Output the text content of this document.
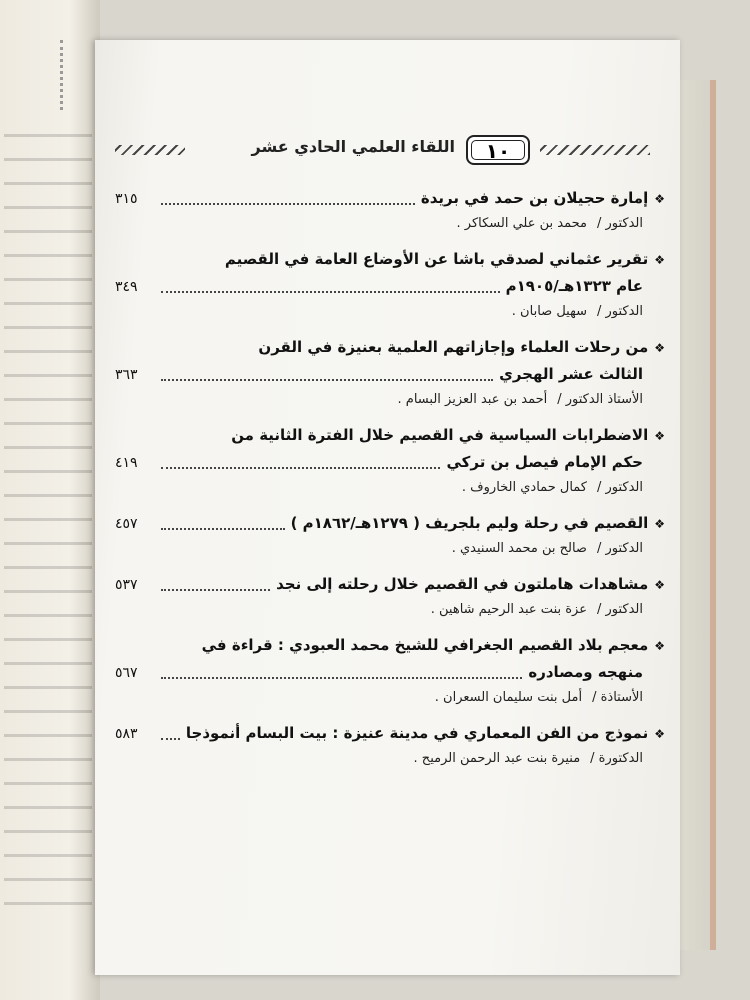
١٠
اللقاء العلمي الحادي عشر
❖
إمارة حجيلان بن حمد في بريدة
٣١٥
الدكتور /محمد بن علي السكاكر .
❖
تقرير عثماني لصدقي باشا عن الأوضاع العامة في القصيم
عام ١٣٢٣هـ/١٩٠٥م
٣٤٩
الدكتور /سهيل صابان .
❖
من رحلات العلماء وإجازاتهم العلمية بعنيزة في القرن
الثالث عشر الهجري
٣٦٣
الأستاذ الدكتور /أحمد بن عبد العزيز البسام .
❖
الاضطرابات السياسية في القصيم خلال الفترة الثانية من
حكم الإمام فيصل بن تركي
٤١٩
الدكتور /كمال حمادي الخاروف .
❖
القصيم في رحلة وليم بلجريف ( ١٢٧٩هـ/١٨٦٢م )
٤٥٧
الدكتور /صالح بن محمد السنيدي .
❖
مشاهدات هاملتون في القصيم خلال رحلته إلى نجد
٥٣٧
الدكتور /عزة بنت عبد الرحيم شاهين .
❖
معجم بلاد القصيم الجغرافي للشيخ محمد العبودي : قراءة في
منهجه ومصادره
٥٦٧
الأستاذة /أمل بنت سليمان السعران .
❖
نموذج من الفن المعماري في مدينة عنيزة : بيت البسام أنموذجا
٥٨٣
الدكتورة /منيرة بنت عبد الرحمن الرميح .
